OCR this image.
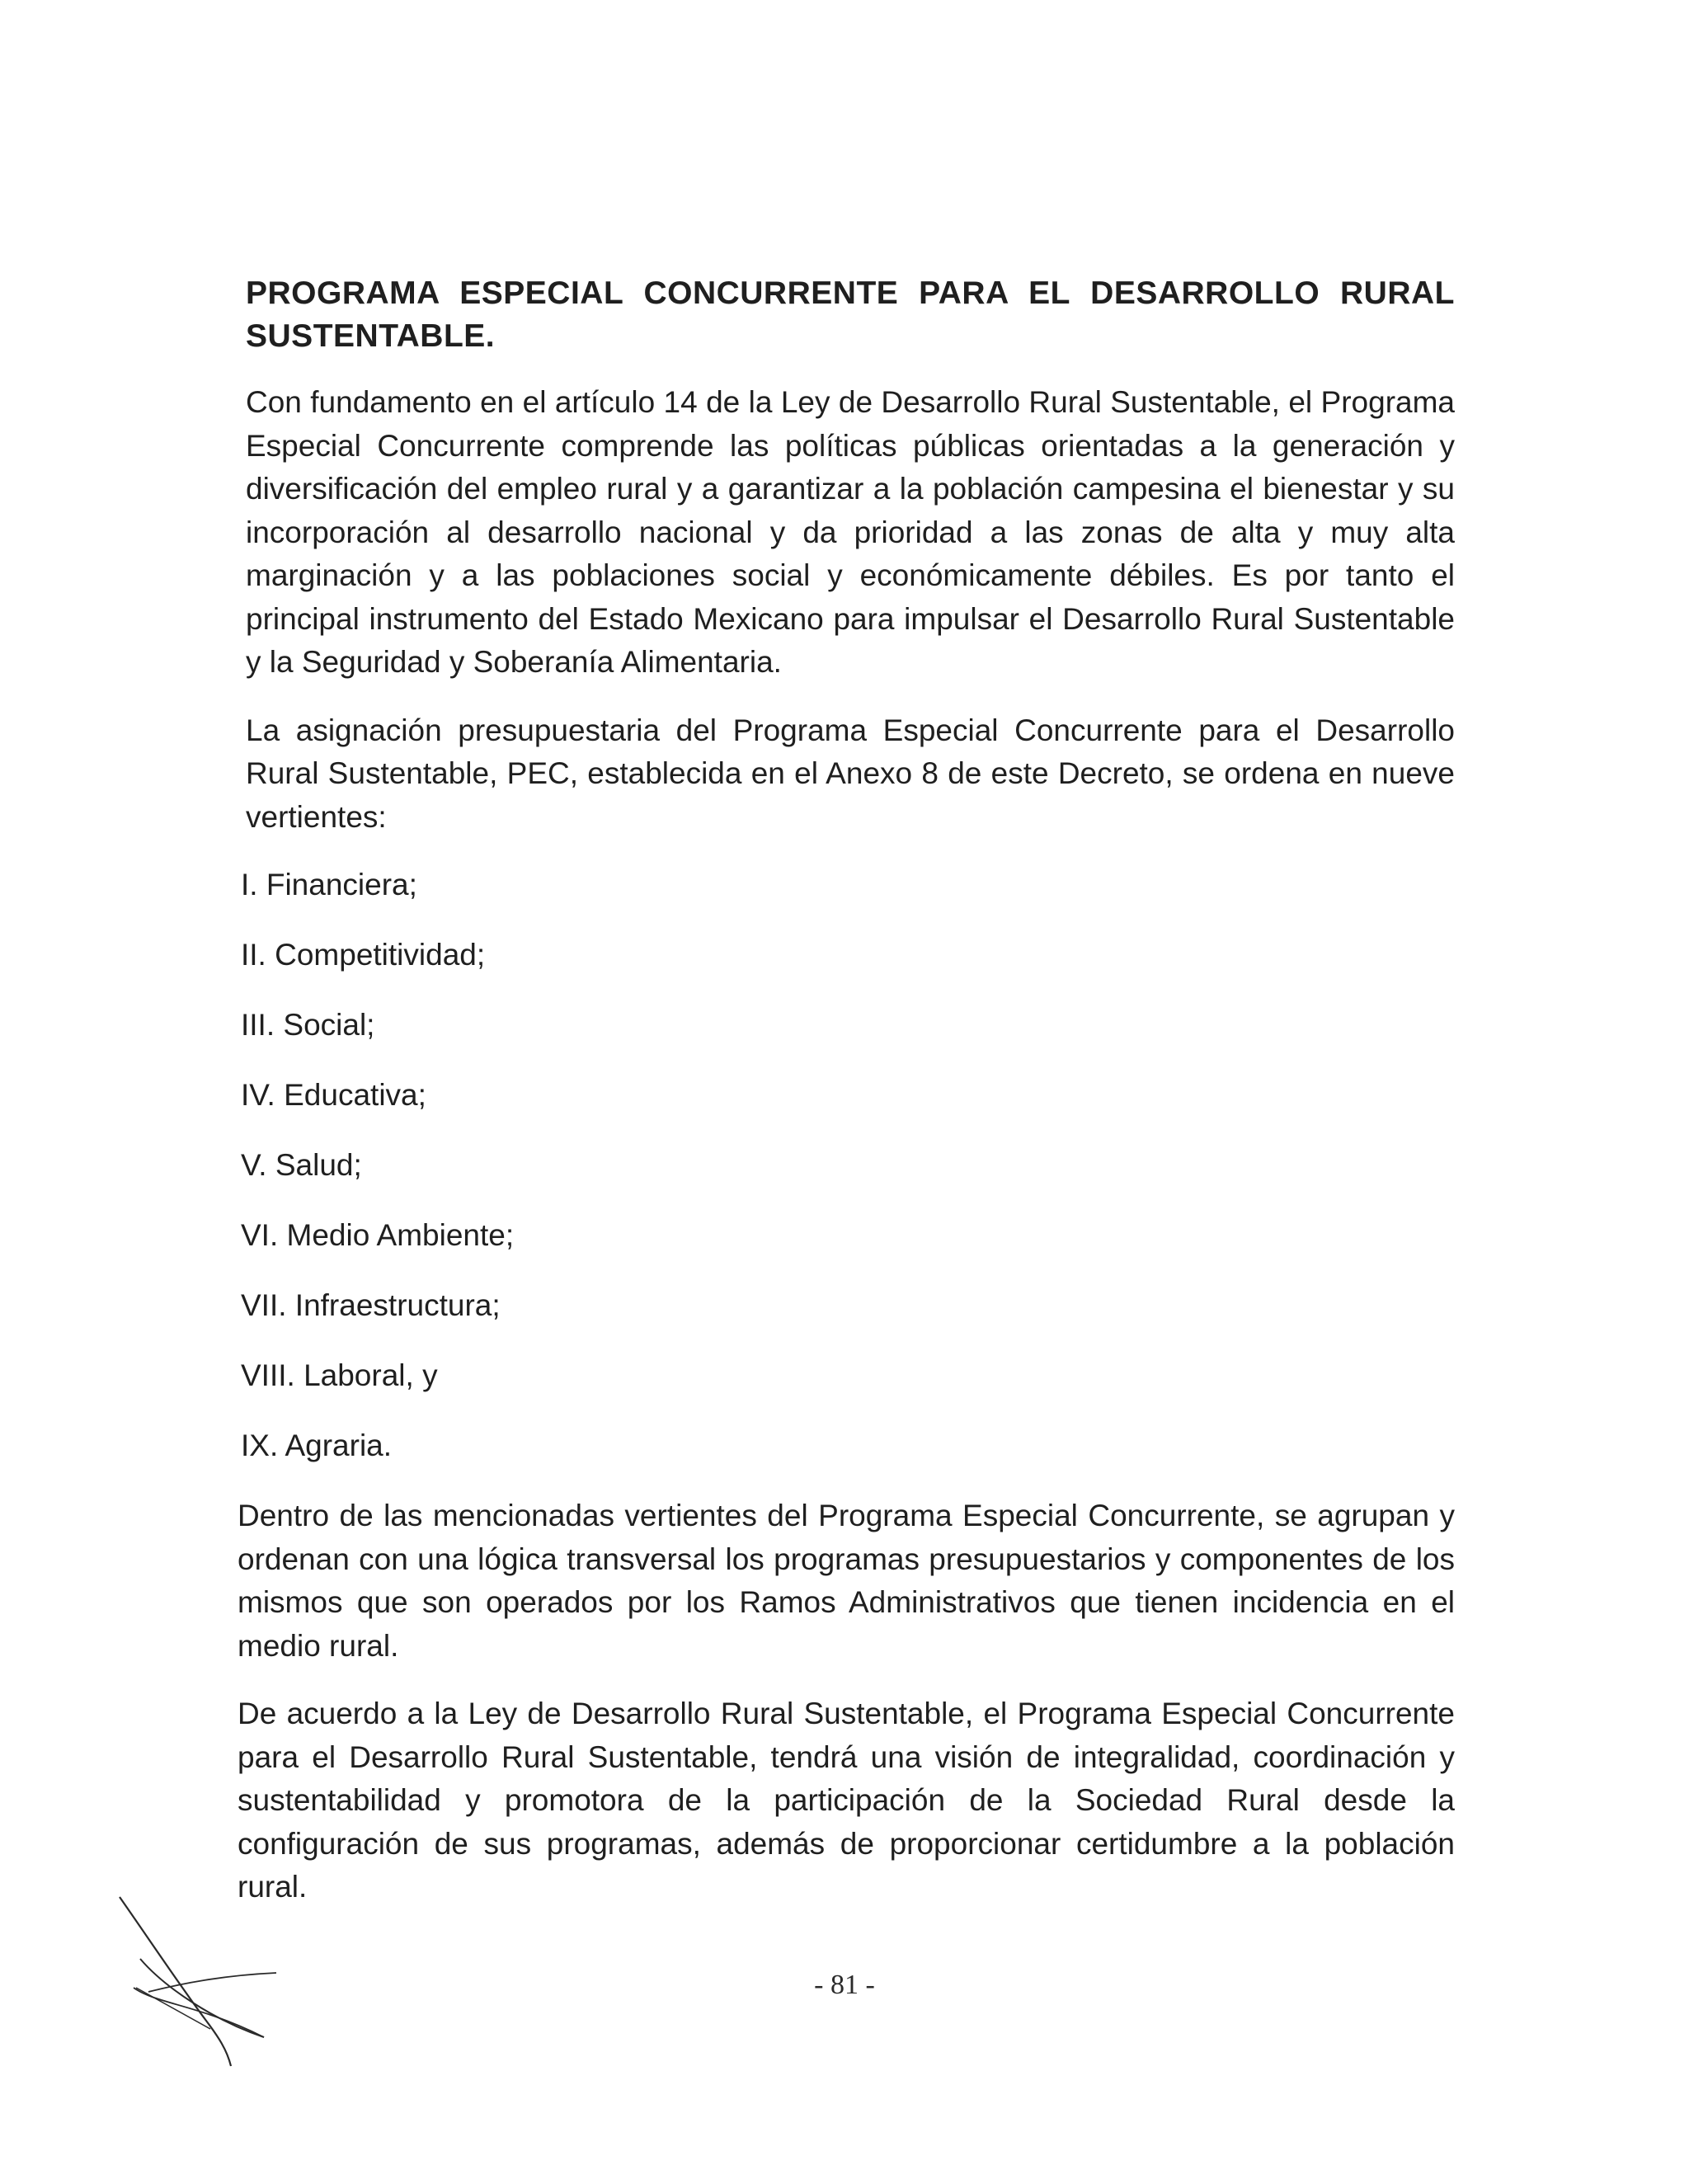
PROGRAMA ESPECIAL CONCURRENTE PARA EL DESARROLLO RURAL
SUSTENTABLE.

Con fundamento en el artículo 14 de la Ley de Desarrollo Rural Sustentable, el Programa Especial Concurrente comprende las políticas públicas orientadas a la generación y diversificación del empleo rural y a garantizar a la población campesina el bienestar y su incorporación al desarrollo nacional y da prioridad a las zonas de alta y muy alta marginación y a las poblaciones social y económicamente débiles. Es por tanto el principal instrumento del Estado Mexicano para impulsar el Desarrollo Rural Sustentable y la Seguridad y Soberanía Alimentaria.

La asignación presupuestaria del Programa Especial Concurrente para el Desarrollo Rural Sustentable, PEC, establecida en el Anexo 8 de este Decreto, se ordena en nueve vertientes:

I. Financiera;
II. Competitividad;
III. Social;
IV. Educativa;
V. Salud;
VI. Medio Ambiente;
VII. Infraestructura;
VIII. Laboral, y
IX. Agraria.

Dentro de las mencionadas vertientes del Programa Especial Concurrente, se agrupan y ordenan con una lógica transversal los programas presupuestarios y componentes de los mismos que son operados por los Ramos Administrativos que tienen incidencia en el medio rural.

De acuerdo a la Ley de Desarrollo Rural Sustentable, el Programa Especial Concurrente para el Desarrollo Rural Sustentable, tendrá una visión de integralidad, coordinación y sustentabilidad y promotora de la participación de la Sociedad Rural desde la configuración de sus programas, además de proporcionar certidumbre a la población rural.

- 81 -
